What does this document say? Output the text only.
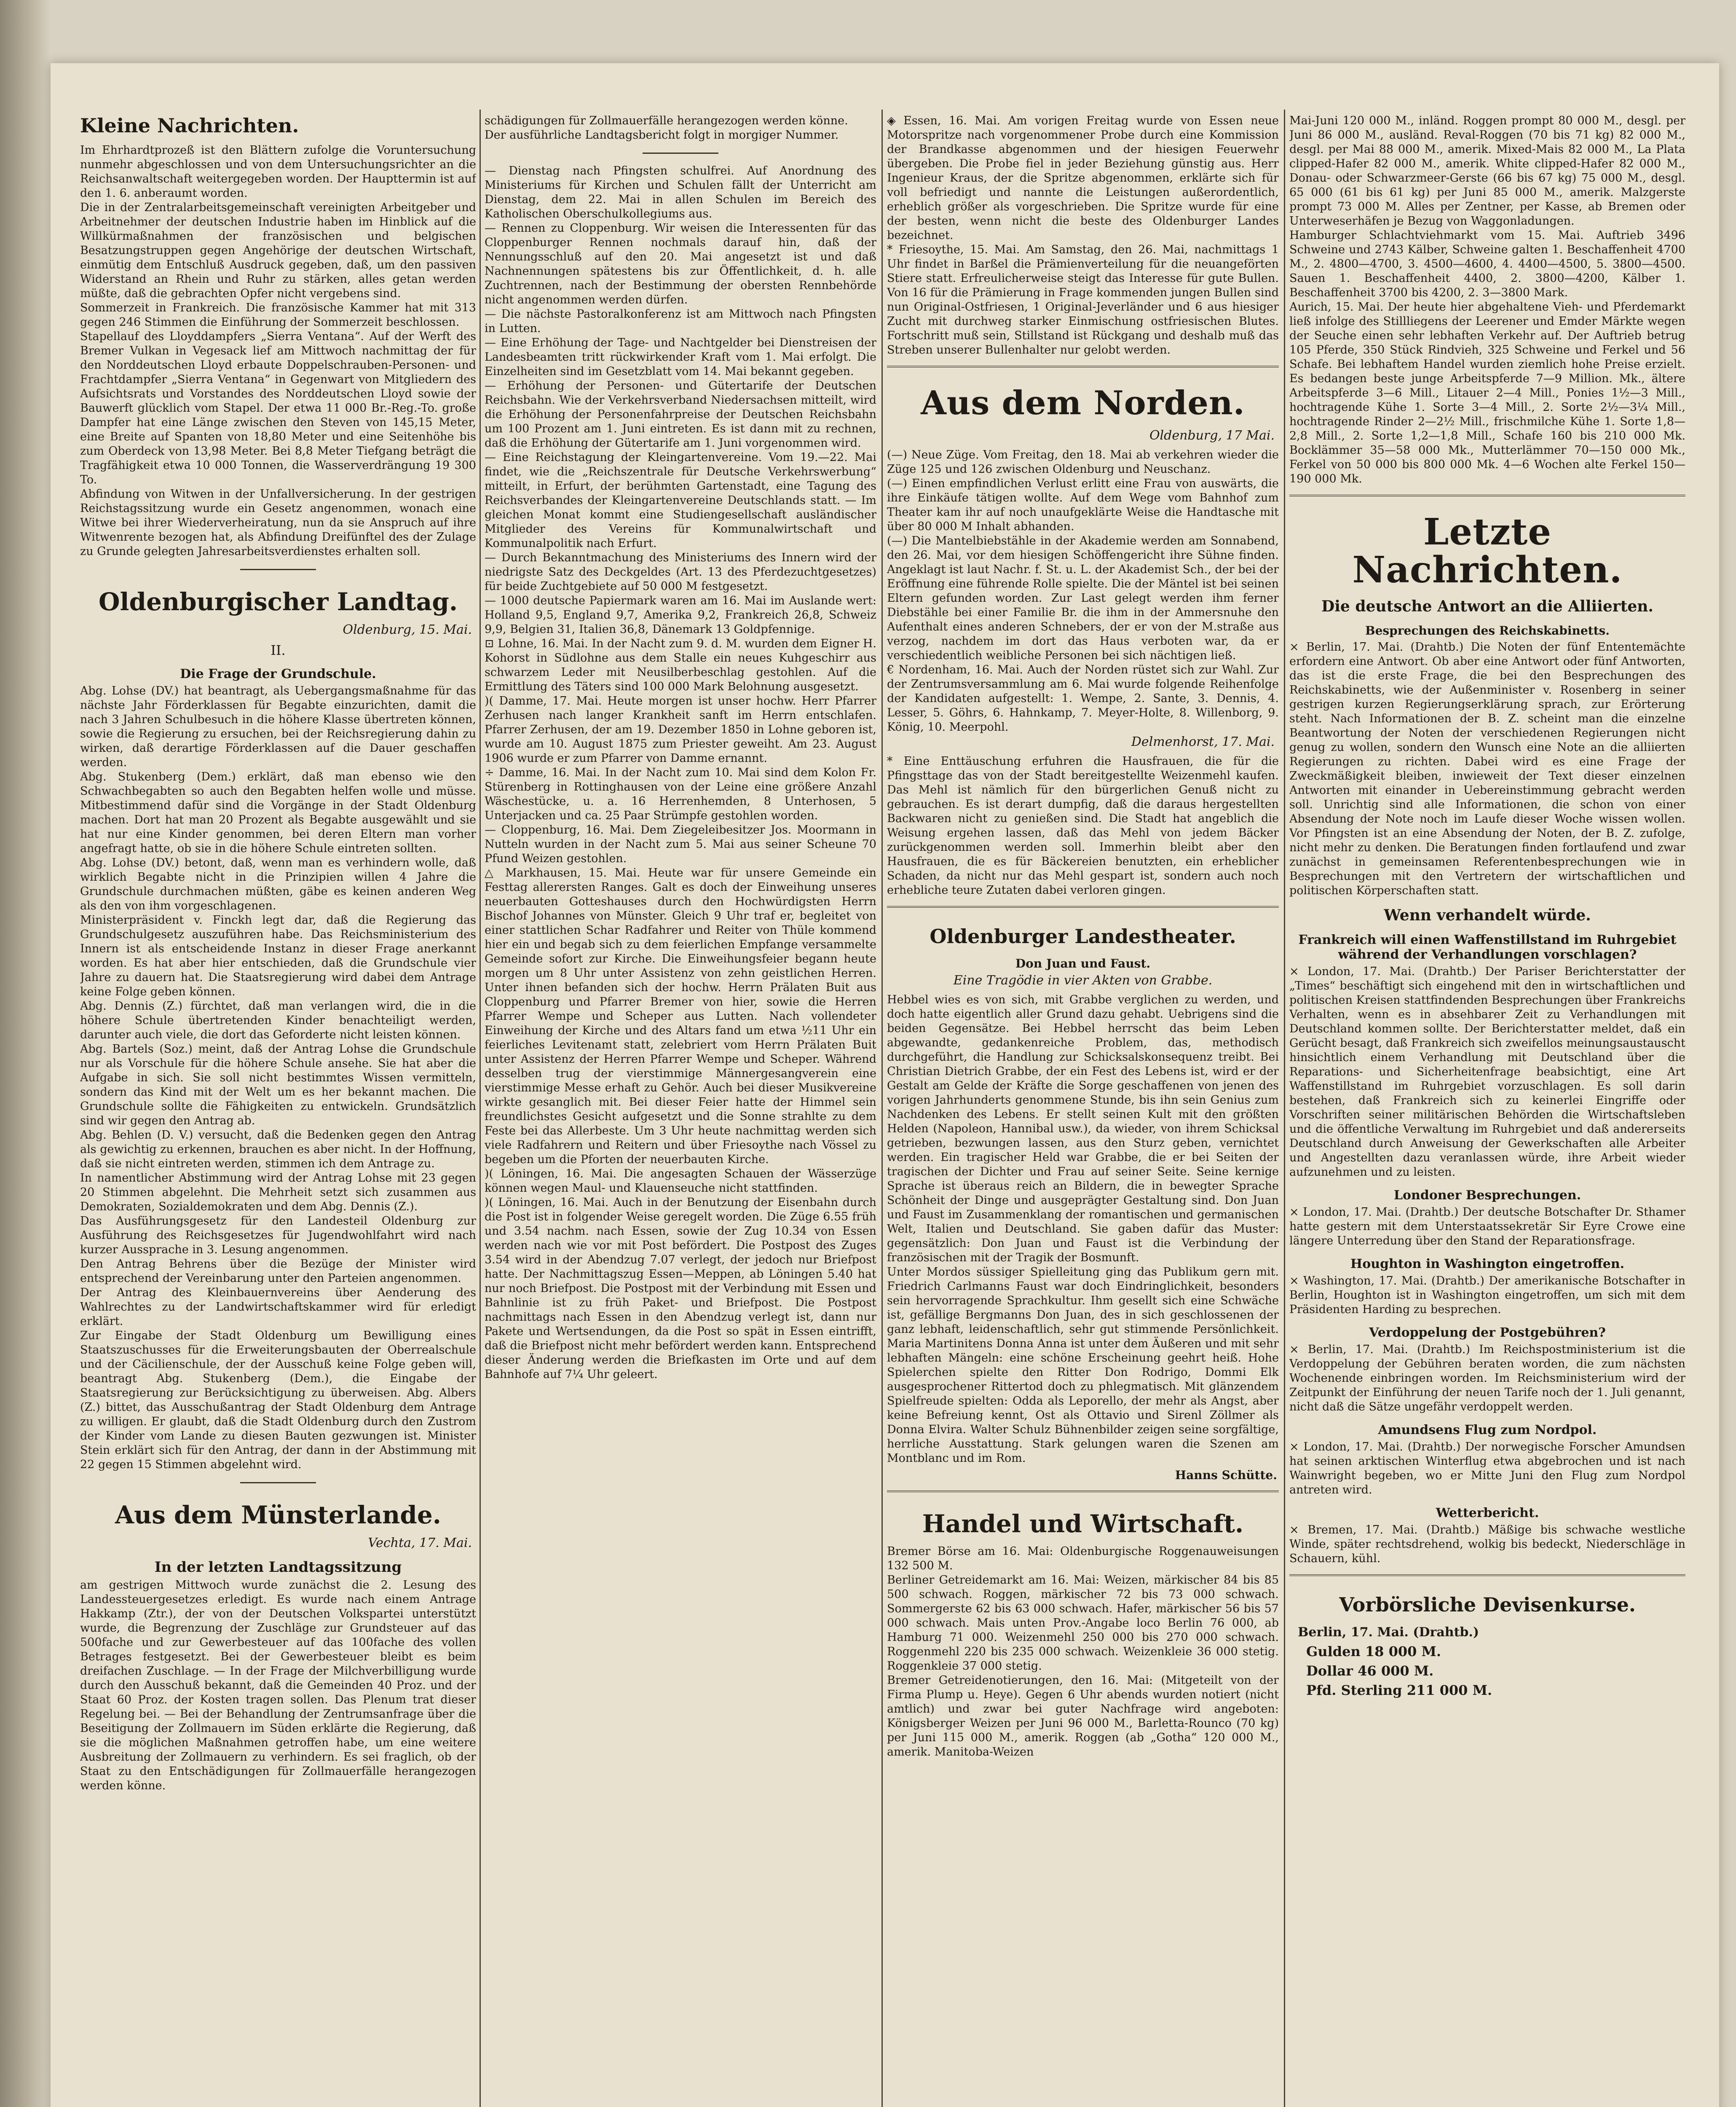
Kleine Nachrichten.

Im Ehrhardtprozeß ist den Blättern zufolge die Voruntersuchung nunmehr abgeschlossen und von dem Untersuchungsrichter an die Reichsanwaltschaft weitergegeben worden. Der Haupttermin ist auf den 1. 6. anberaumt worden.

Die in der Zentralarbeitsgemeinschaft vereinigten Arbeitgeber und Arbeitnehmer der deutschen Industrie haben im Hinblick auf die Willkürmaßnahmen der französischen und belgischen Besatzungstruppen gegen Angehörige der deutschen Wirtschaft, einmütig dem Entschluß Ausdruck gegeben, daß, um den passiven Widerstand an Rhein und Ruhr zu stärken, alles getan werden müßte, daß die gebrachten Opfer nicht vergebens sind.

Sommerzeit in Frankreich. Die französische Kammer hat mit 313 gegen 246 Stimmen die Einführung der Sommerzeit beschlossen.

Stapellauf des Lloyddampfers „Sierra Ventana“. Auf der Werft des Bremer Vulkan in Vegesack lief am Mittwoch nachmittag der für den Norddeutschen Lloyd erbaute Doppelschrauben-Personen- und Frachtdampfer „Sierra Ventana“ in Gegenwart von Mitgliedern des Aufsichtsrats und Vorstandes des Norddeutschen Lloyd sowie der Bauwerft glücklich vom Stapel. Der etwa 11 000 Br.-Reg.-To. große Dampfer hat eine Länge zwischen den Steven von 145,15 Meter, eine Breite auf Spanten von 18,80 Meter und eine Seitenhöhe bis zum Oberdeck von 13,98 Meter. Bei 8,8 Meter Tiefgang beträgt die Tragfähigkeit etwa 10 000 Tonnen, die Wasserverdrängung 19 300 To.

Abfindung von Witwen in der Unfallversicherung. In der gestrigen Reichstagssitzung wurde ein Gesetz angenommen, wonach eine Witwe bei ihrer Wiederverheiratung, nun da sie Anspruch auf ihre Witwenrente bezogen hat, als Abfindung Dreifünftel des der Zulage zu Grunde gelegten Jahresarbeitsverdienstes erhalten soll.

Oldenburgischer Landtag.
Oldenburg, 15. Mai.
II.
Die Frage der Grundschule.

Abg. Lohse (DV.) hat beantragt, als Uebergangsmaßnahme für das nächste Jahr Förderklassen für Begabte einzurichten, damit die nach 3 Jahren Schulbesuch in die höhere Klasse übertreten können, sowie die Regierung zu ersuchen, bei der Reichsregierung dahin zu wirken, daß derartige Förderklassen auf die Dauer geschaffen werden.

Abg. Stukenberg (Dem.) erklärt, daß man ebenso wie den Schwachbegabten so auch den Begabten helfen wolle und müsse. Mitbestimmend dafür sind die Vorgänge in der Stadt Oldenburg machen. Dort hat man 20 Prozent als Begabte ausgewählt und sie hat nur eine Kinder genommen, bei deren Eltern man vorher angefragt hatte, ob sie in die höhere Schule eintreten sollten.

Abg. Lohse (DV.) betont, daß, wenn man es verhindern wolle, daß wirklich Begabte nicht in die Prinzipien willen 4 Jahre die Grundschule durchmachen müßten, gäbe es keinen anderen Weg als den von ihm vorgeschlagenen.

Ministerpräsident v. Finckh legt dar, daß die Regierung das Grundschulgesetz auszuführen habe. Das Reichsministerium des Innern ist als entscheidende Instanz in dieser Frage anerkannt worden. Es hat aber hier entschieden, daß die Grundschule vier Jahre zu dauern hat. Die Staatsregierung wird dabei dem Antrage keine Folge geben können.

Abg. Dennis (Z.) fürchtet, daß man verlangen wird, die in die höhere Schule übertretenden Kinder benachteiligt werden, darunter auch viele, die dort das Geforderte nicht leisten können.

Abg. Bartels (Soz.) meint, daß der Antrag Lohse die Grundschule nur als Vorschule für die höhere Schule ansehe. Sie hat aber die Aufgabe in sich. Sie soll nicht bestimmtes Wissen vermitteln, sondern das Kind mit der Welt um es her bekannt machen. Die Grundschule sollte die Fähigkeiten zu entwickeln. Grundsätzlich sind wir gegen den Antrag ab.

Abg. Behlen (D. V.) versucht, daß die Bedenken gegen den Antrag als gewichtig zu erkennen, brauchen es aber nicht. In der Hoffnung, daß sie nicht eintreten werden, stimmen ich dem Antrage zu.

In namentlicher Abstimmung wird der Antrag Lohse mit 23 gegen 20 Stimmen abgelehnt. Die Mehrheit setzt sich zusammen aus Demokraten, Sozialdemokraten und dem Abg. Dennis (Z.).

Das Ausführungsgesetz für den Landesteil Oldenburg zur Ausführung des Reichsgesetzes für Jugendwohlfahrt wird nach kurzer Aussprache in 3. Lesung angenommen.

Den Antrag Behrens über die Bezüge der Minister wird entsprechend der Vereinbarung unter den Parteien angenommen.

Der Antrag des Kleinbauernvereins über Aenderung des Wahlrechtes zu der Landwirtschaftskammer wird für erledigt erklärt.

Zur Eingabe der Stadt Oldenburg um Bewilligung eines Staatszuschusses für die Erweiterungsbauten der Oberrealschule und der Cäcilienschule, der der Ausschuß keine Folge geben will, beantragt Abg. Stukenberg (Dem.), die Eingabe der Staatsregierung zur Berücksichtigung zu überweisen. Abg. Albers (Z.) bittet, das Ausschußantrag der Stadt Oldenburg dem Antrage zu willigen. Er glaubt, daß die Stadt Oldenburg durch den Zustrom der Kinder vom Lande zu diesen Bauten gezwungen ist. Minister Stein erklärt sich für den Antrag, der dann in der Abstimmung mit 22 gegen 15 Stimmen abgelehnt wird.

Aus dem Münsterlande.
Vechta, 17. Mai.
In der letzten Landtagssitzung

am gestrigen Mittwoch wurde zunächst die 2. Lesung des Landessteuergesetzes erledigt. Es wurde nach einem Antrage Hakkamp (Ztr.), der von der Deutschen Volkspartei unterstützt wurde, die Begrenzung der Zuschläge zur Grundsteuer auf das 500fache und zur Gewerbesteuer auf das 100fache des vollen Betrages festgesetzt. Bei der Gewerbesteuer bleibt es beim dreifachen Zuschlage. — In der Frage der Milchverbilligung wurde durch den Ausschuß bekannt, daß die Gemeinden 40 Proz. und der Staat 60 Proz. der Kosten tragen sollen. Das Plenum trat dieser Regelung bei. — Bei der Behandlung der Zentrumsanfrage über die Beseitigung der Zollmauern im Süden erklärte die Regierung, daß sie die möglichen Maßnahmen getroffen habe, um eine weitere Ausbreitung der Zollmauern zu verhindern. Es sei fraglich, ob der Staat zu den Entschädigungen für Zollmauerfälle herangezogen werden könne.

schädigungen für Zollmauerfälle herangezogen werden könne.

Der ausführliche Landtagsbericht folgt in morgiger Nummer.

— Dienstag nach Pfingsten schulfrei. Auf Anordnung des Ministeriums für Kirchen und Schulen fällt der Unterricht am Dienstag, dem 22. Mai in allen Schulen im Bereich des Katholischen Oberschulkollegiums aus.

— Rennen zu Cloppenburg. Wir weisen die Interessenten für das Cloppenburger Rennen nochmals darauf hin, daß der Nennungsschluß auf den 20. Mai angesetzt ist und daß Nachnennungen spätestens bis zur Öffentlichkeit, d. h. alle Zuchtrennen, nach der Bestimmung der obersten Rennbehörde nicht angenommen werden dürfen.

— Die nächste Pastoralkonferenz ist am Mittwoch nach Pfingsten in Lutten.

— Eine Erhöhung der Tage- und Nachtgelder bei Dienstreisen der Landesbeamten tritt rückwirkender Kraft vom 1. Mai erfolgt. Die Einzelheiten sind im Gesetzblatt vom 14. Mai bekannt gegeben.

— Erhöhung der Personen- und Gütertarife der Deutschen Reichsbahn. Wie der Verkehrsverband Niedersachsen mitteilt, wird die Erhöhung der Personenfahrpreise der Deutschen Reichsbahn um 100 Prozent am 1. Juni eintreten. Es ist dann mit zu rechnen, daß die Erhöhung der Gütertarife am 1. Juni vorgenommen wird.

— Eine Reichstagung der Kleingartenvereine. Vom 19.—22. Mai findet, wie die „Reichszentrale für Deutsche Verkehrswerbung“ mitteilt, in Erfurt, der berühmten Gartenstadt, eine Tagung des Reichsverbandes der Kleingartenvereine Deutschlands statt. — Im gleichen Monat kommt eine Studiengesellschaft ausländischer Mitglieder des Vereins für Kommunalwirtschaft und Kommunalpolitik nach Erfurt.

— Durch Bekanntmachung des Ministeriums des Innern wird der niedrigste Satz des Deckgeldes (Art. 13 des Pferdezuchtgesetzes) für beide Zuchtgebiete auf 50 000 M festgesetzt.

— 1000 deutsche Papiermark waren am 16. Mai im Auslande wert: Holland 9,5, England 9,7, Amerika 9,2, Frankreich 26,8, Schweiz 9,9, Belgien 31, Italien 36,8, Dänemark 13 Goldpfennige.

⊡ Lohne, 16. Mai. In der Nacht zum 9. d. M. wurden dem Eigner H. Kohorst in Südlohne aus dem Stalle ein neues Kuhgeschirr aus schwarzem Leder mit Neusilberbeschlag gestohlen. Auf die Ermittlung des Täters sind 100 000 Mark Belohnung ausgesetzt.

)( Damme, 17. Mai. Heute morgen ist unser hochw. Herr Pfarrer Zerhusen nach langer Krankheit sanft im Herrn entschlafen. Pfarrer Zerhusen, der am 19. Dezember 1850 in Lohne geboren ist, wurde am 10. August 1875 zum Priester geweiht. Am 23. August 1906 wurde er zum Pfarrer von Damme ernannt.

÷ Damme, 16. Mai. In der Nacht zum 10. Mai sind dem Kolon Fr. Stürenberg in Rottinghausen von der Leine eine größere Anzahl Wäschestücke, u. a. 16 Herrenhemden, 8 Unterhosen, 5 Unterjacken und ca. 25 Paar Strümpfe gestohlen worden.

— Cloppenburg, 16. Mai. Dem Ziegeleibesitzer Jos. Moormann in Nutteln wurden in der Nacht zum 5. Mai aus seiner Scheune 70 Pfund Weizen gestohlen.

△ Markhausen, 15. Mai. Heute war für unsere Gemeinde ein Festtag allerersten Ranges. Galt es doch der Einweihung unseres neuerbauten Gotteshauses durch den Hochwürdigsten Herrn Bischof Johannes von Münster. Gleich 9 Uhr traf er, begleitet von einer stattlichen Schar Radfahrer und Reiter von Thüle kommend hier ein und begab sich zu dem feierlichen Empfange versammelte Gemeinde sofort zur Kirche. Die Einweihungsfeier begann heute morgen um 8 Uhr unter Assistenz von zehn geistlichen Herren. Unter ihnen befanden sich der hochw. Herrn Prälaten Buit aus Cloppenburg und Pfarrer Bremer von hier, sowie die Herren Pfarrer Wempe und Scheper aus Lutten. Nach vollendeter Einweihung der Kirche und des Altars fand um etwa ½11 Uhr ein feierliches Levitenamt statt, zelebriert vom Herrn Prälaten Buit unter Assistenz der Herren Pfarrer Wempe und Scheper. Während desselben trug der vierstimmige Männergesangverein eine vierstimmige Messe erhaft zu Gehör. Auch bei dieser Musikvereine wirkte gesanglich mit. Bei dieser Feier hatte der Himmel sein freundlichstes Gesicht aufgesetzt und die Sonne strahlte zu dem Feste bei das Allerbeste. Um 3 Uhr heute nachmittag werden sich viele Radfahrern und Reitern und über Friesoythe nach Vössel zu begeben um die Pforten der neuerbauten Kirche.

)( Löningen, 16. Mai. Die angesagten Schauen der Wässerzüge können wegen Maul- und Klauenseuche nicht stattfinden.

)( Löningen, 16. Mai. Auch in der Benutzung der Eisenbahn durch die Post ist in folgender Weise geregelt worden. Die Züge 6.55 früh und 3.54 nachm. nach Essen, sowie der Zug 10.34 von Essen werden nach wie vor mit Post befördert. Die Postpost des Zuges 3.54 wird in der Abendzug 7.07 verlegt, der jedoch nur Briefpost hatte. Der Nachmittagszug Essen—Meppen, ab Löningen 5.40 hat nur noch Briefpost. Die Postpost mit der Verbindung mit Essen und Bahnlinie ist zu früh Paket- und Briefpost. Die Postpost nachmittags nach Essen in den Abendzug verlegt ist, dann nur Pakete und Wertsendungen, da die Post so spät in Essen eintrifft, daß die Briefpost nicht mehr befördert werden kann. Entsprechend dieser Änderung werden die Briefkasten im Orte und auf dem Bahnhofe auf 7¼ Uhr geleert.

◈ Essen, 16. Mai. Am vorigen Freitag wurde von Essen neue Motorspritze nach vorgenommener Probe durch eine Kommission der Brandkasse abgenommen und der hiesigen Feuerwehr übergeben. Die Probe fiel in jeder Beziehung günstig aus. Herr Ingenieur Kraus, der die Spritze abgenommen, erklärte sich für voll befriedigt und nannte die Leistungen außerordentlich, erheblich größer als vorgeschrieben. Die Spritze wurde für eine der besten, wenn nicht die beste des Oldenburger Landes bezeichnet.

* Friesoythe, 15. Mai. Am Samstag, den 26. Mai, nachmittags 1 Uhr findet in Barßel die Prämienverteilung für die neuangeförten Stiere statt. Erfreulicherweise steigt das Interesse für gute Bullen. Von 16 für die Prämierung in Frage kommenden jungen Bullen sind nun Original-Ostfriesen, 1 Original-Jeverländer und 6 aus hiesiger Zucht mit durchweg starker Einmischung ostfriesischen Blutes. Fortschritt muß sein, Stillstand ist Rückgang und deshalb muß das Streben unserer Bullenhalter nur gelobt werden.

Aus dem Norden.
Oldenburg, 17 Mai.

(—) Neue Züge. Vom Freitag, den 18. Mai ab verkehren wieder die Züge 125 und 126 zwischen Oldenburg und Neuschanz.

(—) Einen empfindlichen Verlust erlitt eine Frau von auswärts, die ihre Einkäufe tätigen wollte. Auf dem Wege vom Bahnhof zum Theater kam ihr auf noch unaufgeklärte Weise die Handtasche mit über 80 000 M Inhalt abhanden.

(—) Die Mantelbiebstähle in der Akademie werden am Sonnabend, den 26. Mai, vor dem hiesigen Schöffengericht ihre Sühne finden. Angeklagt ist laut Nachr. f. St. u. L. der Akademist Sch., der bei der Eröffnung eine führende Rolle spielte. Die der Mäntel ist bei seinen Eltern gefunden worden. Zur Last gelegt werden ihm ferner Diebstähle bei einer Familie Br. die ihm in der Ammersnuhe den Aufenthalt eines anderen Schnebers, der er von der M.straße aus verzog, nachdem im dort das Haus verboten war, da er verschiedentlich weibliche Personen bei sich nächtigen ließ.

€ Nordenham, 16. Mai. Auch der Norden rüstet sich zur Wahl. Zur der Zentrumsversammlung am 6. Mai wurde folgende Reihenfolge der Kandidaten aufgestellt: 1. Wempe, 2. Sante, 3. Dennis, 4. Lesser, 5. Göhrs, 6. Hahnkamp, 7. Meyer-Holte, 8. Willenborg, 9. König, 10. Meerpohl.

Delmenhorst, 17. Mai.

* Eine Enttäuschung erfuhren die Hausfrauen, die für die Pfingsttage das von der Stadt bereitgestellte Weizenmehl kaufen. Das Mehl ist nämlich für den bürgerlichen Genuß nicht zu gebrauchen. Es ist derart dumpfig, daß die daraus hergestellten Backwaren nicht zu genießen sind. Die Stadt hat angeblich die Weisung ergehen lassen, daß das Mehl von jedem Bäcker zurückgenommen werden soll. Immerhin bleibt aber den Hausfrauen, die es für Bäckereien benutzten, ein erheblicher Schaden, da nicht nur das Mehl gespart ist, sondern auch noch erhebliche teure Zutaten dabei verloren gingen.

Oldenburger Landestheater.
Don Juan und Faust.
Eine Tragödie in vier Akten von Grabbe.

Hebbel wies es von sich, mit Grabbe verglichen zu werden, und doch hatte eigentlich aller Grund dazu gehabt. Uebrigens sind die beiden Gegensätze. Bei Hebbel herrscht das beim Leben abgewandte, gedankenreiche Problem, das, methodisch durchgeführt, die Handlung zur Schicksalskonsequenz treibt. Bei Christian Dietrich Grabbe, der ein Fest des Lebens ist, wird er der Gestalt am Gelde der Kräfte die Sorge geschaffenen von jenen des vorigen Jahrhunderts genommene Stunde, bis ihn sein Genius zum Nachdenken des Lebens. Er stellt seinen Kult mit den größten Helden (Napoleon, Hannibal usw.), da wieder, von ihrem Schicksal getrieben, bezwungen lassen, aus den Sturz geben, vernichtet werden. Ein tragischer Held war Grabbe, die er bei Seiten der tragischen der Dichter und Frau auf seiner Seite. Seine kernige Sprache ist überaus reich an Bildern, die in bewegter Sprache Schönheit der Dinge und ausgeprägter Gestaltung sind. Don Juan und Faust im Zusammenklang der romantischen und germanischen Welt, Italien und Deutschland. Sie gaben dafür das Muster: gegensätzlich: Don Juan und Faust ist die Verbindung der französischen mit der Tragik der Bosmunft.

Unter Mordos süssiger Spielleitung ging das Publikum gern mit. Friedrich Carlmanns Faust war doch Eindringlichkeit, besonders sein hervorragende Sprachkultur. Ihm gesellt sich eine Schwäche ist, gefällige Bergmanns Don Juan, des in sich geschlossenen der ganz lebhaft, leidenschaftlich, sehr gut stimmende Persönlichkeit. Maria Martinitens Donna Anna ist unter dem Äußeren und mit sehr lebhaften Mängeln: eine schöne Erscheinung geehrt heiß. Hohe Spielerchen spielte den Ritter Don Rodrigo, Dommi Elk ausgesprochener Rittertod doch zu phlegmatisch. Mit glänzendem Spielfreude spielten: Odda als Leporello, der mehr als Angst, aber keine Befreiung kennt, Ost als Ottavio und Sirenl Zöllmer als Donna Elvira. Walter Schulz Bühnenbilder zeigen seine sorgfältige, herrliche Ausstattung. Stark gelungen waren die Szenen am Montblanc und im Rom.

Hanns Schütte.
Handel und Wirtschaft.

Bremer Börse am 16. Mai: Oldenburgische Roggenauweisungen 132 500 M.

Berliner Getreidemarkt am 16. Mai: Weizen, märkischer 84 bis 85 500 schwach. Roggen, märkischer 72 bis 73 000 schwach. Sommergerste 62 bis 63 000 schwach. Hafer, märkischer 56 bis 57 000 schwach. Mais unten Prov.-Angabe loco Berlin 76 000, ab Hamburg 71 000. Weizenmehl 250 000 bis 270 000 schwach. Roggenmehl 220 bis 235 000 schwach. Weizenkleie 36 000 stetig. Roggenkleie 37 000 stetig.

Bremer Getreidenotierungen, den 16. Mai: (Mitgeteilt von der Firma Plump u. Heye). Gegen 6 Uhr abends wurden notiert (nicht amtlich) und zwar bei guter Nachfrage wird angeboten: Königsberger Weizen per Juni 96 000 M., Barletta-Rounco (70 kg) per Juni 115 000 M., amerik. Roggen (ab „Gotha“ 120 000 M., amerik. Manitoba-Weizen

Mai-Juni 120 000 M., inländ. Roggen prompt 80 000 M., desgl. per Juni 86 000 M., ausländ. Reval-Roggen (70 bis 71 kg) 82 000 M., desgl. per Mai 88 000 M., amerik. Mixed-Mais 82 000 M., La Plata clipped-Hafer 82 000 M., amerik. White clipped-Hafer 82 000 M., Donau- oder Schwarzmeer-Gerste (66 bis 67 kg) 75 000 M., desgl. 65 000 (61 bis 61 kg) per Juni 85 000 M., amerik. Malzgerste prompt 73 000 M. Alles per Zentner, per Kasse, ab Bremen oder Unterweserhäfen je Bezug von Waggonladungen.

Hamburger Schlachtviehmarkt vom 15. Mai. Auftrieb 3496 Schweine und 2743 Kälber, Schweine galten 1. Beschaffenheit 4700 M., 2. 4800—4700, 3. 4500—4600, 4. 4400—4500, 5. 3800—4500. Sauen 1. Beschaffenheit 4400, 2. 3800—4200, Kälber 1. Beschaffenheit 3700 bis 4200, 2. 3—3800 Mark.

Aurich, 15. Mai. Der heute hier abgehaltene Vieh- und Pferdemarkt ließ infolge des Stillliegens der Leerener und Emder Märkte wegen der Seuche einen sehr lebhaften Verkehr auf. Der Auftrieb betrug 105 Pferde, 350 Stück Rindvieh, 325 Schweine und Ferkel und 56 Schafe. Bei lebhaftem Handel wurden ziemlich hohe Preise erzielt. Es bedangen beste junge Arbeitspferde 7—9 Million. Mk., ältere Arbeitspferde 3—6 Mill., Litauer 2—4 Mill., Ponies 1½—3 Mill., hochtragende Kühe 1. Sorte 3—4 Mill., 2. Sorte 2½—3¼ Mill., hochtragende Rinder 2—2½ Mill., frischmilche Kühe 1. Sorte 1,8—2,8 Mill., 2. Sorte 1,2—1,8 Mill., Schafe 160 bis 210 000 Mk. Bocklämmer 35—58 000 Mk., Mutterlämmer 70—150 000 Mk., Ferkel von 50 000 bis 800 000 Mk. 4—6 Wochen alte Ferkel 150—190 000 Mk.

Letzte Nachrichten.
Die deutsche Antwort an die Alliierten.
Besprechungen des Reichskabinetts.

× Berlin, 17. Mai. (Drahtb.) Die Noten der fünf Ententemächte erfordern eine Antwort. Ob aber eine Antwort oder fünf Antworten, das ist die erste Frage, die bei den Besprechungen des Reichskabinetts, wie der Außenminister v. Rosenberg in seiner gestrigen kurzen Regierungserklärung sprach, zur Erörterung steht. Nach Informationen der B. Z. scheint man die einzelne Beantwortung der Noten der verschiedenen Regierungen nicht genug zu wollen, sondern den Wunsch eine Note an die alliierten Regierungen zu richten. Dabei wird es eine Frage der Zweckmäßigkeit bleiben, inwieweit der Text dieser einzelnen Antworten mit einander in Uebereinstimmung gebracht werden soll. Unrichtig sind alle Informationen, die schon von einer Absendung der Note noch im Laufe dieser Woche wissen wollen. Vor Pfingsten ist an eine Absendung der Noten, der B. Z. zufolge, nicht mehr zu denken. Die Beratungen finden fortlaufend und zwar zunächst in gemeinsamen Referentenbesprechungen wie in Besprechungen mit den Vertretern der wirtschaftlichen und politischen Körperschaften statt.

Wenn verhandelt würde.
Frankreich will einen Waffenstillstand im Ruhrgebiet während der Verhandlungen vorschlagen?

× London, 17. Mai. (Drahtb.) Der Pariser Berichterstatter der „Times“ beschäftigt sich eingehend mit den in wirtschaftlichen und politischen Kreisen stattfindenden Besprechungen über Frankreichs Verhalten, wenn es in absehbarer Zeit zu Verhandlungen mit Deutschland kommen sollte. Der Berichterstatter meldet, daß ein Gerücht besagt, daß Frankreich sich zweifellos meinungsaustauscht hinsichtlich einem Verhandlung mit Deutschland über die Reparations- und Sicherheitenfrage beabsichtigt, eine Art Waffenstillstand im Ruhrgebiet vorzuschlagen. Es soll darin bestehen, daß Frankreich sich zu keinerlei Eingriffe oder Vorschriften seiner militärischen Behörden die Wirtschaftsleben und die öffentliche Verwaltung im Ruhrgebiet und daß andererseits Deutschland durch Anweisung der Gewerkschaften alle Arbeiter und Angestellten dazu veranlassen würde, ihre Arbeit wieder aufzunehmen und zu leisten.

Londoner Besprechungen.

× London, 17. Mai. (Drahtb.) Der deutsche Botschafter Dr. Sthamer hatte gestern mit dem Unterstaatssekretär Sir Eyre Crowe eine längere Unterredung über den Stand der Reparationsfrage.

Houghton in Washington eingetroffen.

× Washington, 17. Mai. (Drahtb.) Der amerikanische Botschafter in Berlin, Houghton ist in Washington eingetroffen, um sich mit dem Präsidenten Harding zu besprechen.

Verdoppelung der Postgebühren?

× Berlin, 17. Mai. (Drahtb.) Im Reichspostministerium ist die Verdoppelung der Gebühren beraten worden, die zum nächsten Wochenende einbringen worden. Im Reichsministerium wird der Zeitpunkt der Einführung der neuen Tarife noch der 1. Juli genannt, nicht daß die Sätze ungefähr verdoppelt werden.

Amundsens Flug zum Nordpol.

× London, 17. Mai. (Drahtb.) Der norwegische Forscher Amundsen hat seinen arktischen Winterflug etwa abgebrochen und ist nach Wainwright begeben, wo er Mitte Juni den Flug zum Nordpol antreten wird.

Wetterbericht.

× Bremen, 17. Mai. (Drahtb.) Mäßige bis schwache westliche Winde, später rechtsdrehend, wolkig bis bedeckt, Niederschläge in Schauern, kühl.

Vorbörsliche Devisenkurse.
Berlin, 17. Mai. (Drahtb.)
Gulden 18 000 M.
Dollar 46 000 M.
Pfd. Sterling 211 000 M.
